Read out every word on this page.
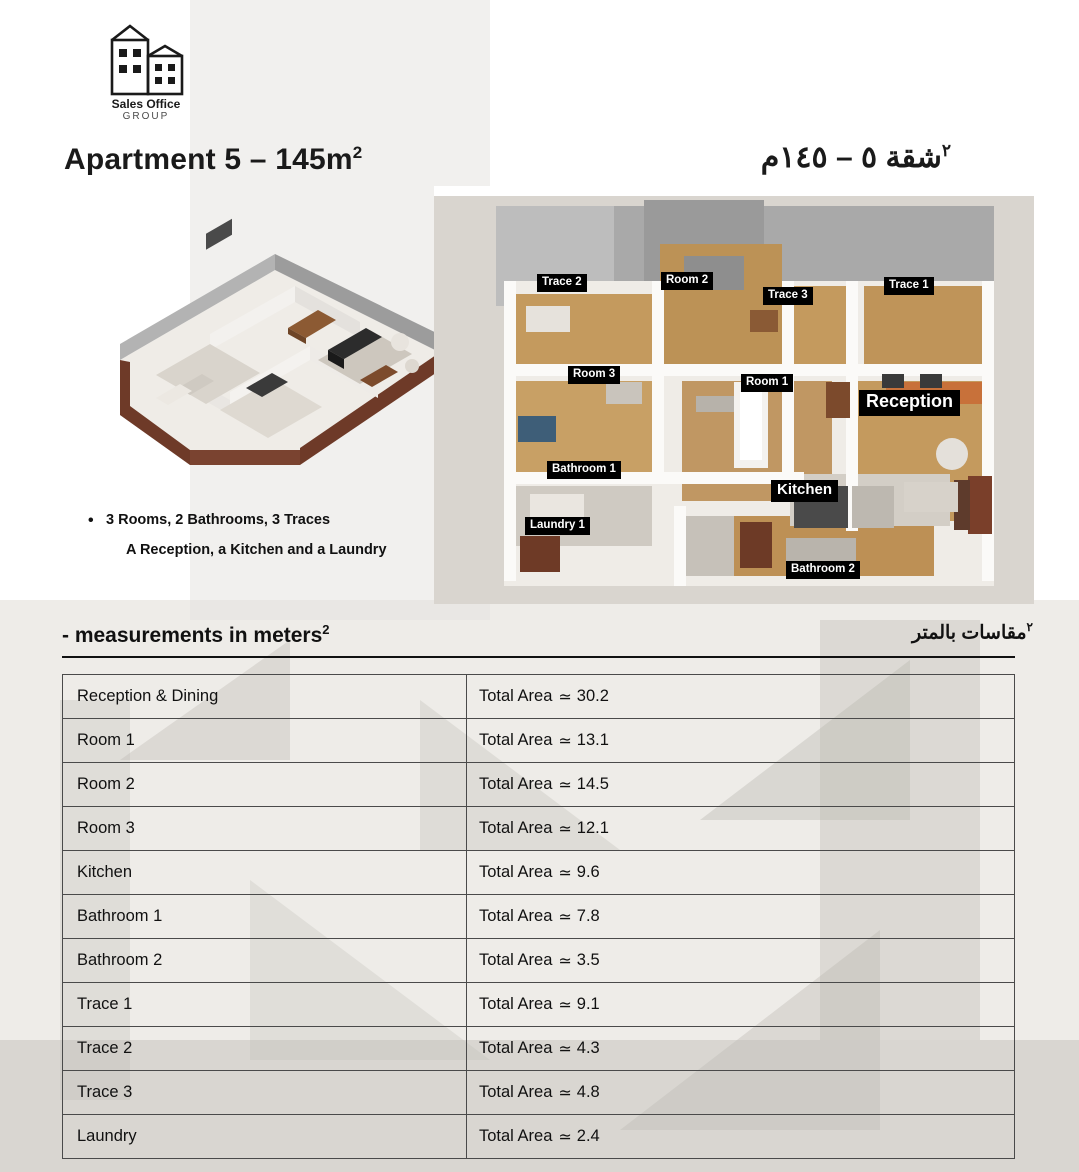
Sales Office
GROUP
Apartment $5 - 145m^2$	$^٢$شقة ٥ – ١٤٥م
• 3 Rooms, 2 Bathrooms, 3 Traces
A Reception, a Kitchen and a Laundry
Trace 2	Room 2
Trace 3
Trace 1
Room 3
Room 1
Reception
Bathroom 1
Kitchen
Laundry 1
Bathroom 2
- measurements in meters$^2$	$^٢$مقاسات بالمتر
Reception & Dining	Total Area ≃ 30.2
Room 1	Total Area ≃ 13.1
Room 2	Total Area ≃ 14.5
Room 3	Total Area ≃ 12.1
Kitchen	Total Area ≃ 9.6
Bathroom 1	Total Area ≃ 7.8
Bathroom 2	Total Area ≃ 3.5
Trace 1	Total Area ≃ 9.1
Trace 2	Total Area ≃ 4.3
Trace 3	Total Area ≃ 4.8
Laundry	Total Area ≃ 2.4
